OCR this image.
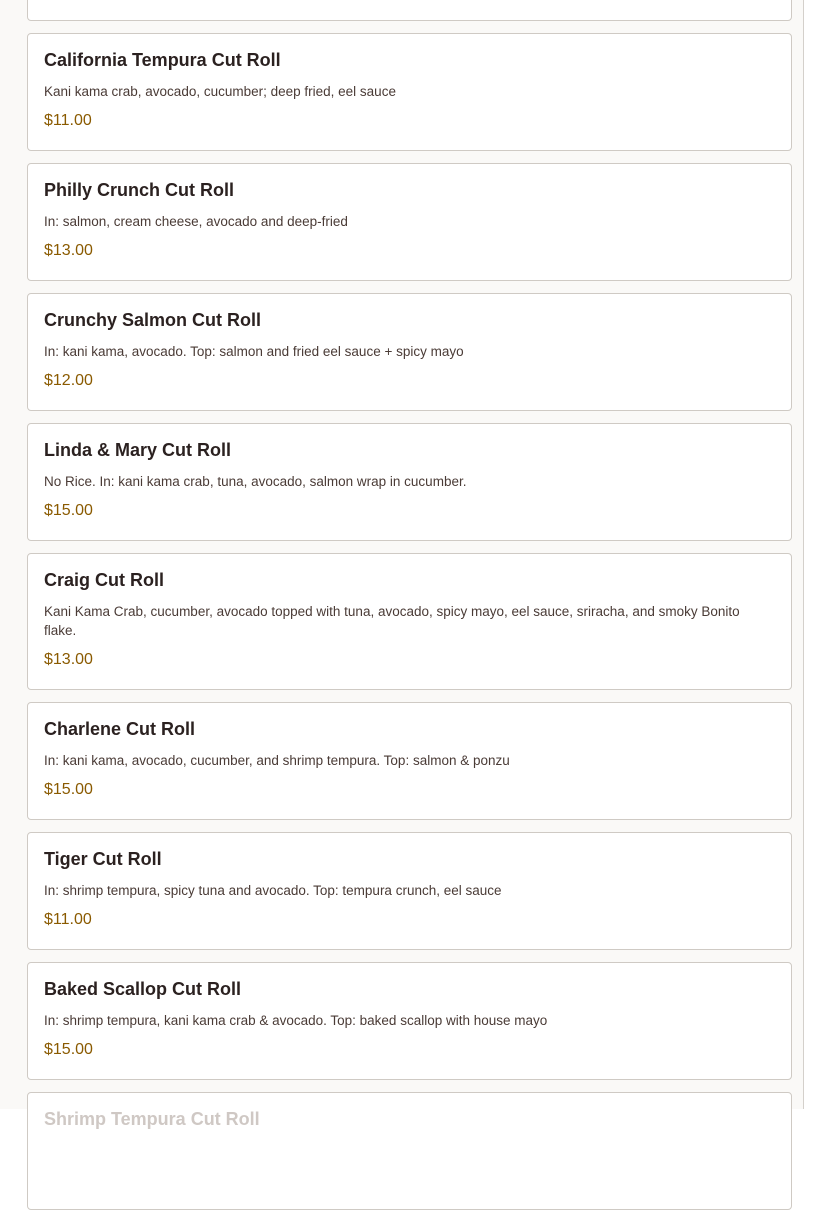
California Tempura Cut Roll
Kani kama crab, avocado, cucumber; deep fried, eel sauce
$11.00
Philly Crunch Cut Roll
In: salmon, cream cheese, avocado and deep-fried
$13.00
Crunchy Salmon Cut Roll
In: kani kama, avocado. Top: salmon and fried eel sauce + spicy mayo
$12.00
Linda & Mary Cut Roll
No Rice. In: kani kama crab, tuna, avocado, salmon wrap in cucumber.
$15.00
Craig Cut Roll
Kani Kama Crab, cucumber, avocado topped with tuna, avocado, spicy mayo, eel sauce, sriracha, and smoky Bonito flake.
$13.00
Charlene Cut Roll
In: kani kama, avocado, cucumber, and shrimp tempura. Top: salmon & ponzu
$15.00
Tiger Cut Roll
In: shrimp tempura, spicy tuna and avocado. Top: tempura crunch, eel sauce
$11.00
Baked Scallop Cut Roll
In: shrimp tempura, kani kama crab & avocado. Top: baked scallop with house mayo
$15.00
Shrimp Tempura Cut Roll
